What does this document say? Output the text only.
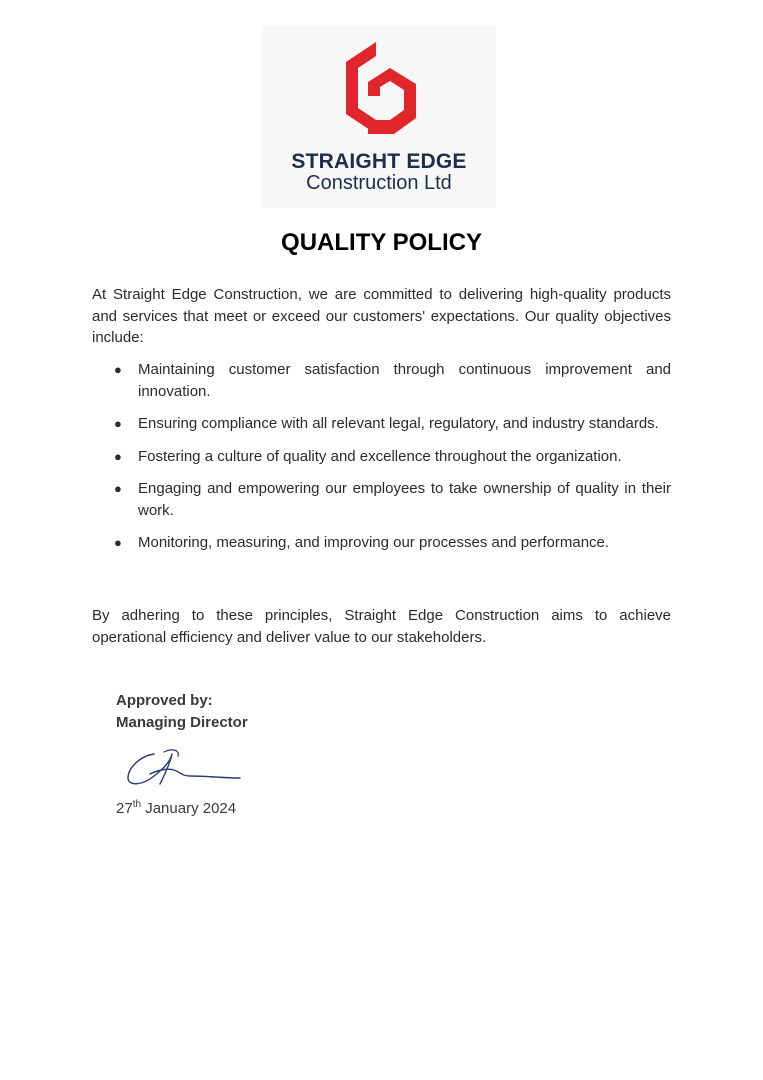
STRAIGHT EDGE
Construction Ltd
QUALITY POLICY

At Straight Edge Construction, we are committed to delivering high-quality products and services that meet or exceed our customers' expectations. Our quality objectives include:

● Maintaining customer satisfaction through continuous improvement and innovation.
● Ensuring compliance with all relevant legal, regulatory, and industry standards.
● Fostering a culture of quality and excellence throughout the organization.
● Engaging and empowering our employees to take ownership of quality in their work.
● Monitoring, measuring, and improving our processes and performance.

By adhering to these principles, Straight Edge Construction aims to achieve operational efficiency and deliver value to our stakeholders.

Approved by:
Managing Director
27th January 2024
